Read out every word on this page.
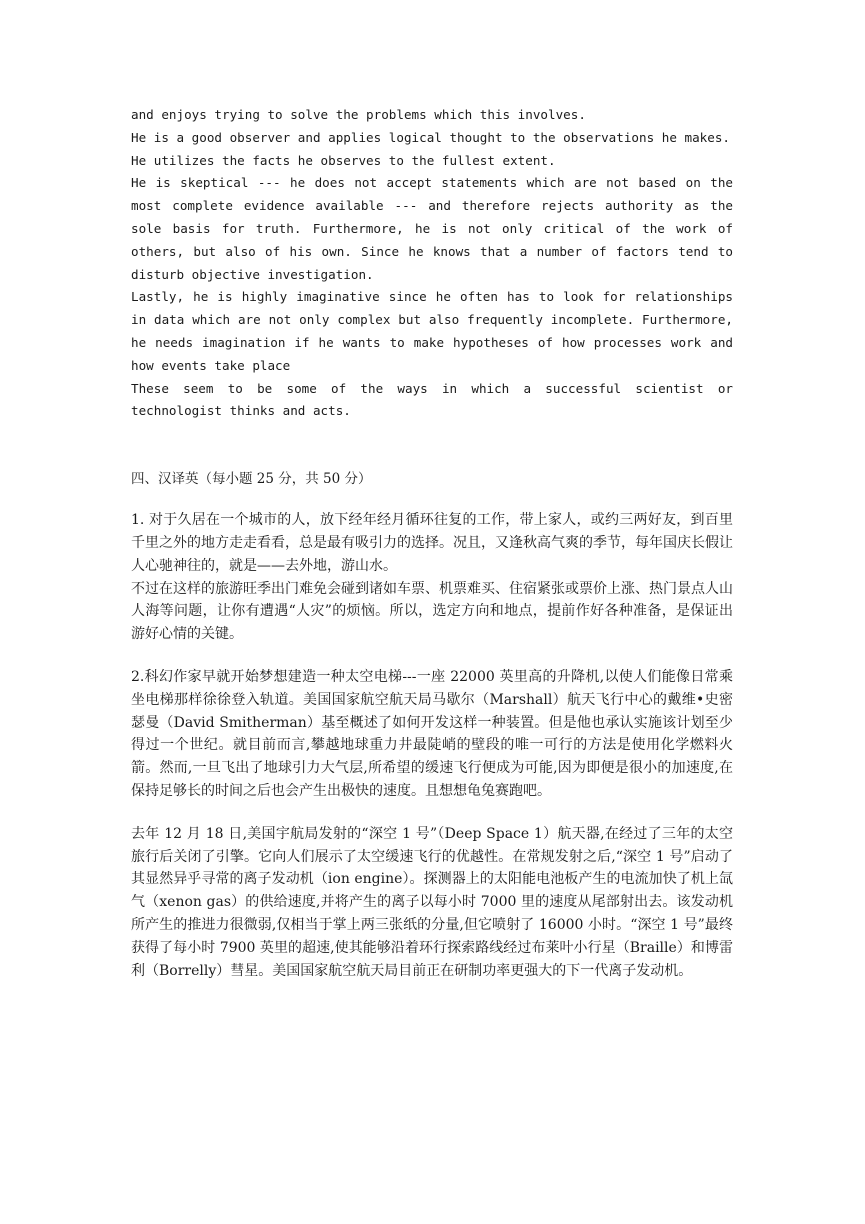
and enjoys trying to solve the problems which this involves.

He is a good observer and applies logical thought to the observations he makes.

He utilizes the facts he observes to the fullest extent.

He is skeptical --- he does not accept statements which are not based on the most complete evidence available --- and therefore rejects authority as the sole basis for truth. Furthermore, he is not only critical of the work of others, but also of his own. Since he knows that a number of factors tend to disturb objective investigation.

Lastly, he is highly imaginative since he often has to look for relationships in data which are not only complex but also frequently incomplete. Furthermore, he needs imagination if he wants to make hypotheses of how processes work and how events take place

These seem to be some of the ways in which a successful scientist or technologist thinks and acts.

四、汉译英（每小题 25 分，共 50 分）

1. 对于久居在一个城市的人，放下经年经月循环往复的工作，带上家人，或约三两好友，到百里千里之外的地方走走看看，总是最有吸引力的选择。况且，又逢秋高气爽的季节，每年国庆长假让人心驰神往的，就是——去外地，游山水。

不过在这样的旅游旺季出门难免会碰到诸如车票、机票难买、住宿紧张或票价上涨、热门景点人山人海等问题，让你有遭遇“人灾”的烦恼。所以，选定方向和地点，提前作好各种准备，是保证出游好心情的关键。

2.科幻作家早就开始梦想建造一种太空电梯---一座 22000 英里高的升降机,以使人们能像日常乘坐电梯那样徐徐登入轨道。美国国家航空航天局马歇尔（Marshall）航天飞行中心的戴维•史密瑟曼（David Smitherman）基至概述了如何开发这样一种装置。但是他也承认实施该计划至少得过一个世纪。就目前而言,攀越地球重力井最陡峭的壁段的唯一可行的方法是使用化学燃料火箭。然而,一旦飞出了地球引力大气层,所希望的缓速飞行便成为可能,因为即便是很小的加速度,在保持足够长的时间之后也会产生出极快的速度。且想想龟兔赛跑吧。

去年 12 月 18 日,美国宇航局发射的“深空 1 号”（Deep Space 1）航天器,在经过了三年的太空旅行后关闭了引擎。它向人们展示了太空缓速飞行的优越性。在常规发射之后,“深空 1 号”启动了其显然异乎寻常的离子发动机（ion engine）。探测器上的太阳能电池板产生的电流加快了机上氙气（xenon gas）的供给速度,并将产生的离子以每小时 7000 里的速度从尾部射出去。该发动机所产生的推进力很微弱,仅相当于掌上两三张纸的分量,但它喷射了 16000 小时。“深空 1 号”最终获得了每小时 7900 英里的超速,使其能够沿着环行探索路线经过布莱叶小行星（Braille）和博雷利（Borrelly）彗星。美国国家航空航天局目前正在研制功率更强大的下一代离子发动机。
